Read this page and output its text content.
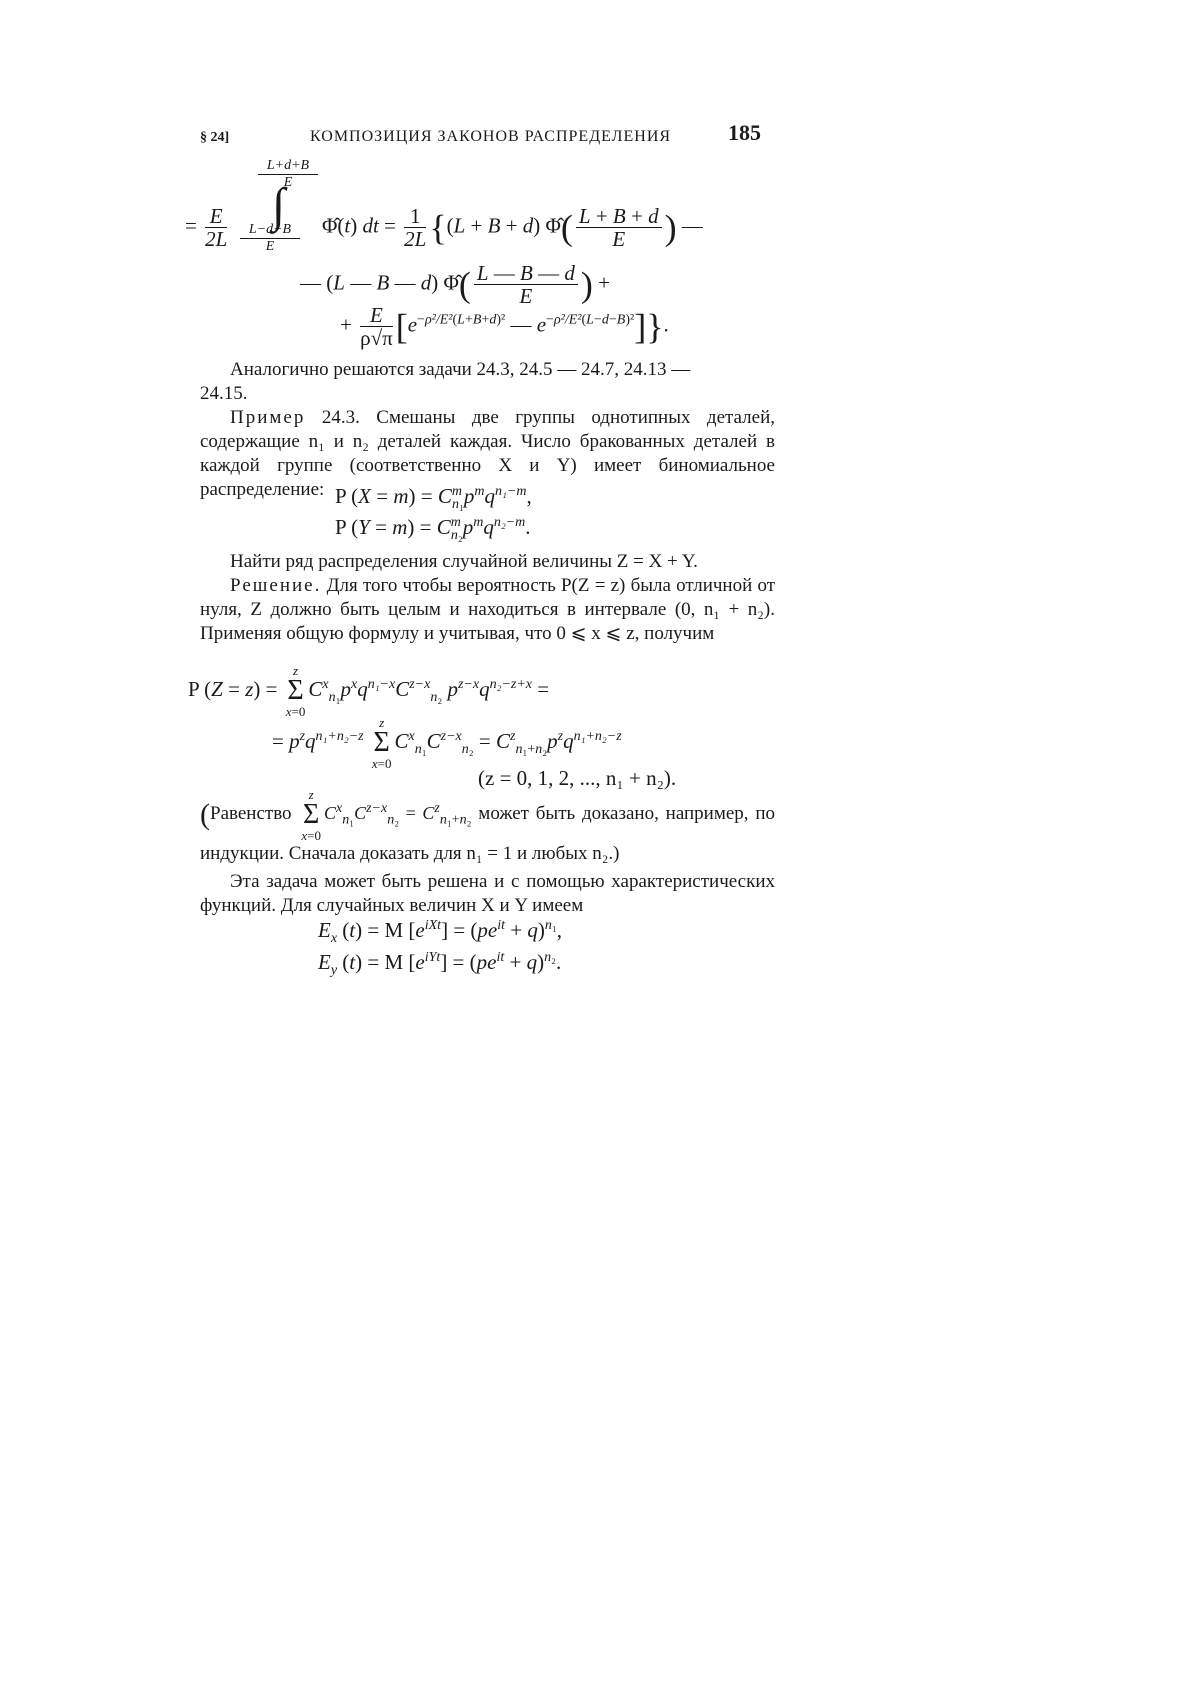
§ 24]	КОМПОЗИЦИЯ ЗАКОНОВ РАСПРЕДЕЛЕНИЯ	185
L+d+B
E
= $\frac{E}{2L}$ ∫
L−d−B
E
Φ̂(t) dt = $\frac{1}{2L} \{(L + B + d)$ Φ̂( $\frac{L + B + d}{E}$ ) —
— (L — B — d) Φ̂( $\frac{L — B — d}{E}$ ) +
+ $\frac{E}{\rho√\pi} [e^{-\rho^2/E^2(L+B+d)^2}$ — $e^{-\rho^2/E^2(L-d-B)^2}$]}.
Аналогично решаются задачи 24.3, 24.5 — 24.7, 24.13 —
24.15.
Пример 24.3. Смешаны две группы однотипных деталей, содержащие n₁ и n₂ деталей каждая. Число бракованных деталей в каждой группе (соответственно X и Y) имеет биномиальное распределение: P $(X = m) = C^m_{n_1}p^mq^{n_1-m}$,
P $(Y = m) = C^m_{n_2}p^mq^{n_2-m}$.
Найти ряд распределения случайной величины Z = X + Y.
Решение. Для того чтобы вероятность P(Z = z) была отличной от нуля, Z должно быть целым и находиться в интервале (0, n₁ + n₂). Применяя общую формулу и учитывая, что 0 ⩽ x ⩽ z, получим
P (Z = z) = z
Σ
$x=0C^x_{n_1}p^xq^{n_1-x}C^{z-x}_{n_2}$ $p^{z-x}q^{n_2-z+x}$ =
= $p^zq^{n_1+n_2-z}$ z
Σ
$x=0C^x_{n_1}C^{z-x}_{n_2} = C^z_{n_1+n_2}p^zq^{n_1+n_2-z}$
(z = 0, 1, 2, ..., n₁ + n₂).
(Равенство z
Σ
$x=0C^x_{n_1}C^{z-x}_{n_2} = C^z_{n_1+n_2}$ может быть доказано, например, по индукции. Сначала доказать для n₁ = 1 и любых n₂.)
Эта задача может быть решена и с помощью характеристических функций. Для случайных величин X и Y имеем
$E_x$ (t) = M $[e^{iXt}] = (pe^{it} + q)^{n_1}$,
$E_y$ (t) = M $[e^{iYt}] = (pe^{it} + q)^{n_2}$.
